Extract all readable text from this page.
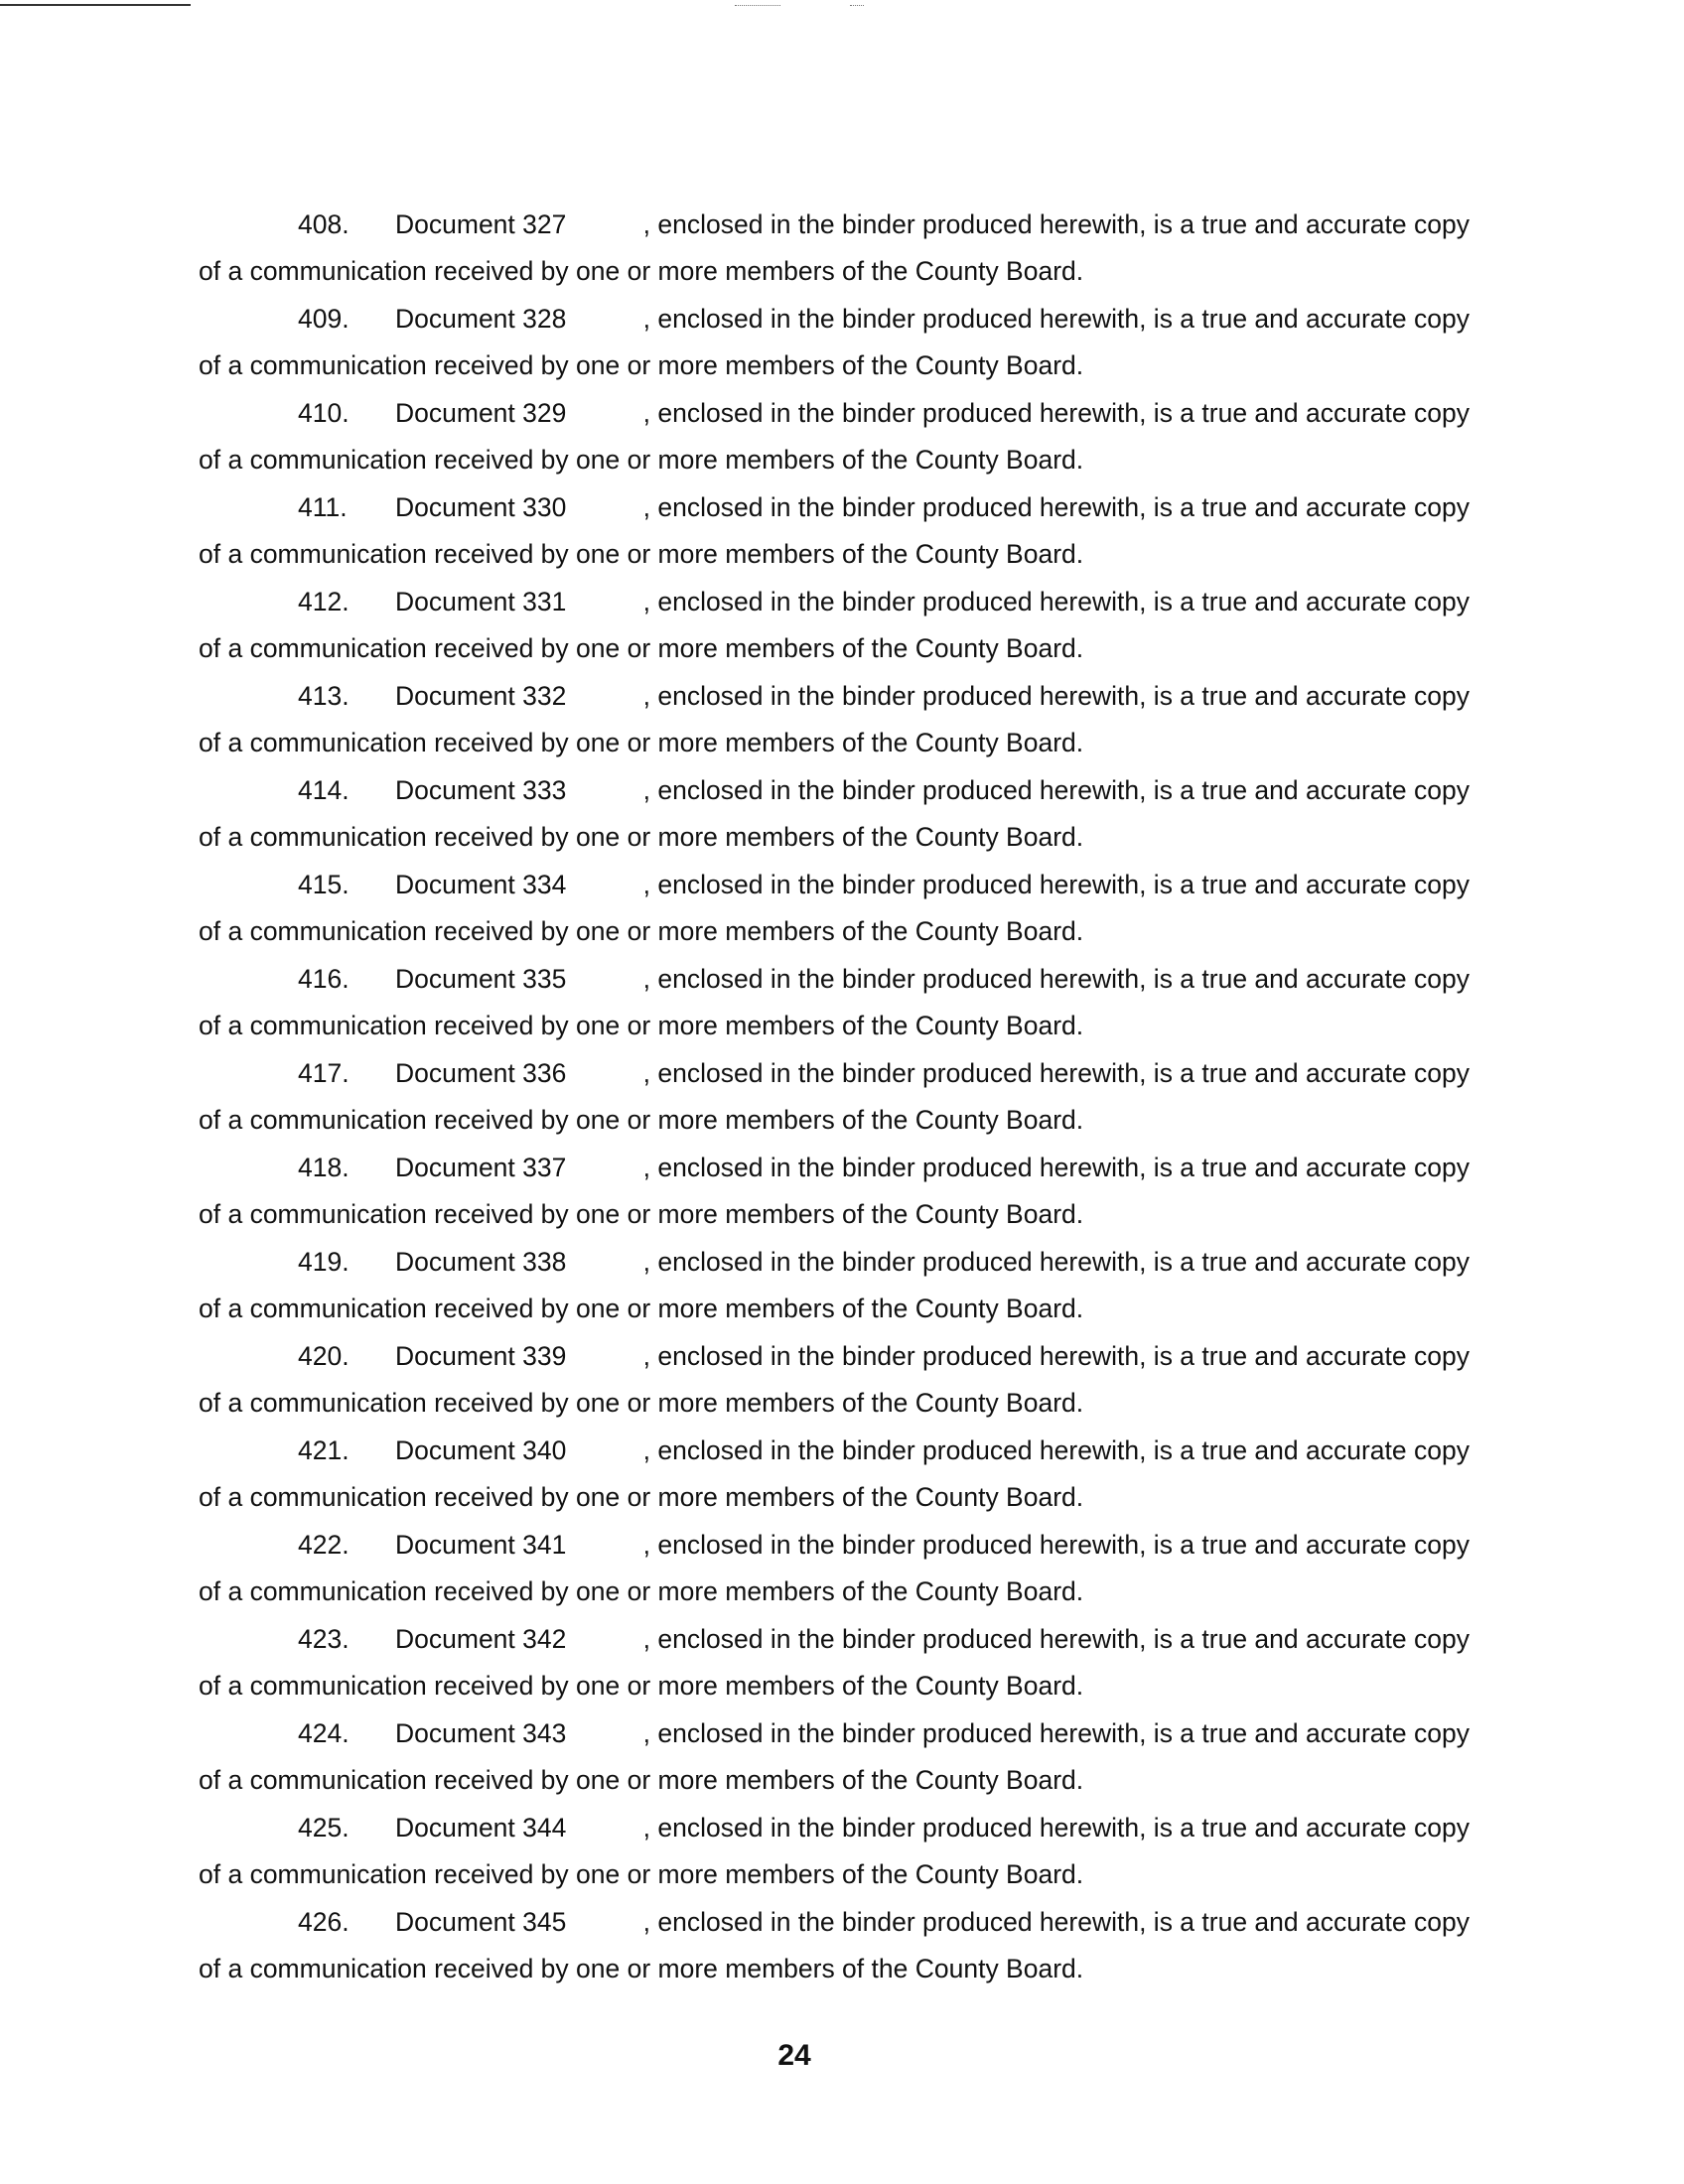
408.	Document 327	, enclosed in the binder produced herewith, is a true and accurate copy
of a communication received by one or more members of the County Board.
409.	Document 328	, enclosed in the binder produced herewith, is a true and accurate copy
of a communication received by one or more members of the County Board.
410.	Document 329	, enclosed in the binder produced herewith, is a true and accurate copy
of a communication received by one or more members of the County Board.
411.	Document 330	, enclosed in the binder produced herewith, is a true and accurate copy
of a communication received by one or more members of the County Board.
412.	Document 331	, enclosed in the binder produced herewith, is a true and accurate copy
of a communication received by one or more members of the County Board.
413.	Document 332	, enclosed in the binder produced herewith, is a true and accurate copy
of a communication received by one or more members of the County Board.
414.	Document 333	, enclosed in the binder produced herewith, is a true and accurate copy
of a communication received by one or more members of the County Board.
415.	Document 334	, enclosed in the binder produced herewith, is a true and accurate copy
of a communication received by one or more members of the County Board.
416.	Document 335	, enclosed in the binder produced herewith, is a true and accurate copy
of a communication received by one or more members of the County Board.
417.	Document 336	, enclosed in the binder produced herewith, is a true and accurate copy
of a communication received by one or more members of the County Board.
418.	Document 337	, enclosed in the binder produced herewith, is a true and accurate copy
of a communication received by one or more members of the County Board.
419.	Document 338	, enclosed in the binder produced herewith, is a true and accurate copy
of a communication received by one or more members of the County Board.
420.	Document 339	, enclosed in the binder produced herewith, is a true and accurate copy
of a communication received by one or more members of the County Board.
421.	Document 340	, enclosed in the binder produced herewith, is a true and accurate copy
of a communication received by one or more members of the County Board.
422.	Document 341	, enclosed in the binder produced herewith, is a true and accurate copy
of a communication received by one or more members of the County Board.
423.	Document 342	, enclosed in the binder produced herewith, is a true and accurate copy
of a communication received by one or more members of the County Board.
424.	Document 343	, enclosed in the binder produced herewith, is a true and accurate copy
of a communication received by one or more members of the County Board.
425.	Document 344	, enclosed in the binder produced herewith, is a true and accurate copy
of a communication received by one or more members of the County Board.
426.	Document 345	, enclosed in the binder produced herewith, is a true and accurate copy
of a communication received by one or more members of the County Board.
24
